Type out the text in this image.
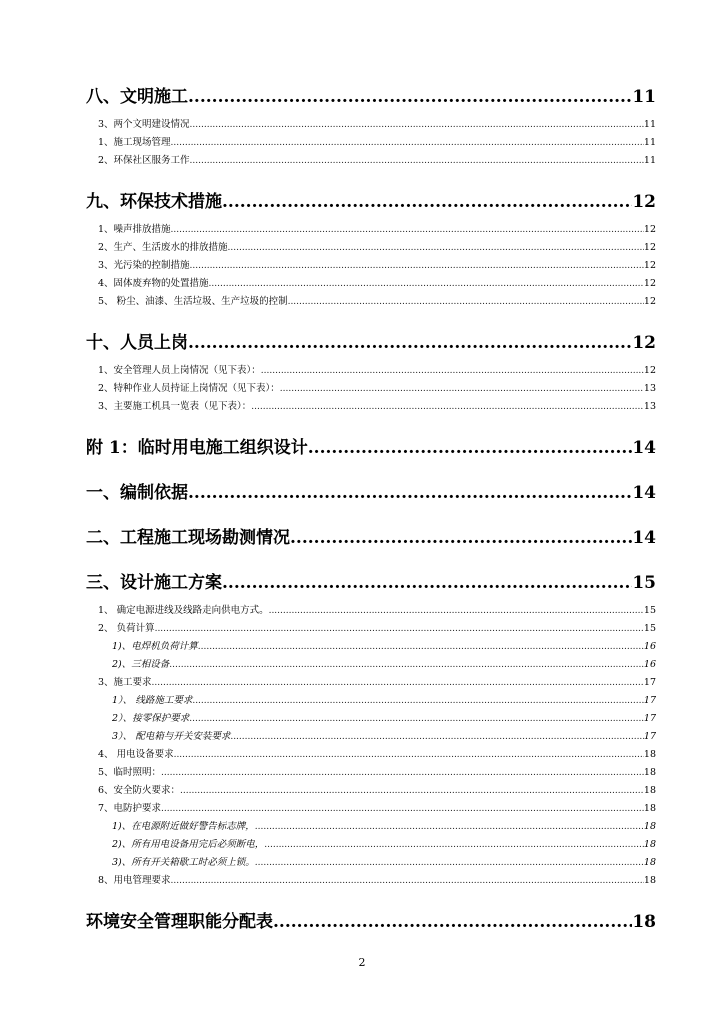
八、文明施工 .....	11
3、两个文明建设情况 .....	11
1、施工现场管理 .....	11
2、环保社区服务工作 .....	11
九、环保技术措施 .....	12
1、噪声排放措施 .....	12
2、生产、生活废水的排放措施 .....	12
3、光污染的控制措施 .....	12
4、固体废弃物的处置措施 .....	12
5、 粉尘、油漆、生活垃圾、生产垃圾的控制 .....	12
十、人员上岗 .....	12
1、安全管理人员上岗情况（见下表）： .....	12
2、特种作业人员持证上岗情况（见下表）： .....	13
3、主要施工机具一览表（见下表）： .....	13
附 1：临时用电施工组织设计 .....	14
一、编制依据 .....	14
二、工程施工现场勘测情况 .....	14
三、设计施工方案 .....	15
1、 确定电源进线及线路走向供电方式。 .....	15
2、 负荷计算 .....	15
1)、电焊机负荷计算 .....	16
2)、三相设备 .....	16
3、施工要求 .....	17
1）、 线路施工要求 .....	17
2）、接零保护要求 .....	17
3）、 配电箱与开关安装要求 .....	17
4、 用电设备要求 .....	18
5、临时照明： .....	18
6、安全防火要求： .....	18
7、电防护要求 .....	18
1)、在电源附近做好警告标志牌， .....	18
2)、所有用电设备用完后必须断电， .....	18
3)、所有开关箱歇工时必须上锁。 .....	18
8、用电管理要求 .....	18
环境安全管理职能分配表 .....	18
2
